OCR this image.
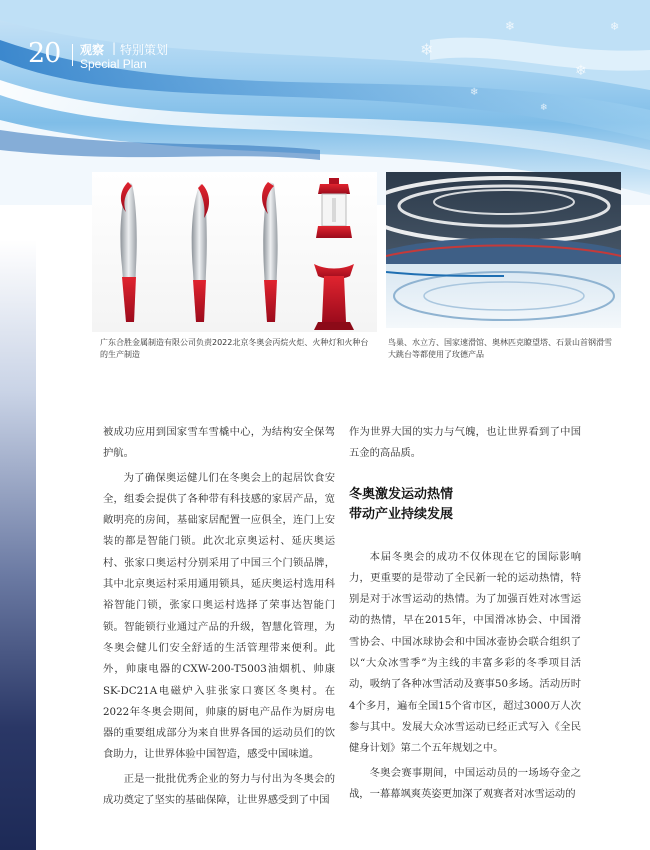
❄
❄
❄
❄
❄
❄
20 观察 | 特别策划
Special Plan
广东合胜金属制造有限公司负责2022北京冬奥会丙烷火炬、火种灯和火种台的生产制造
鸟巢、水立方、国家速滑馆、奥林匹克瞭望塔、石景山首钢滑雪大跳台等都使用了玫德产品

被成功应用到国家雪车雪橇中心，为结构安全保驾护航。

为了确保奥运健儿们在冬奥会上的起居饮食安全，组委会提供了各种带有科技感的家居产品，宽敞明亮的房间，基础家居配置一应俱全，连门上安装的都是智能门锁。此次北京奥运村、延庆奥运村、张家口奥运村分别采用了中国三个门锁品牌，其中北京奥运村采用通用锁具，延庆奥运村选用科裕智能门锁，张家口奥运村选择了荣事达智能门锁。智能锁行业通过产品的升级，智慧化管理，为冬奥会健儿们安全舒适的生活管理带来便利。此外，帅康电器的CXW-200-T5003油烟机、帅康SK-DC21A电磁炉入驻张家口赛区冬奥村。在2022年冬奥会期间，帅康的厨电产品作为厨房电器的重要组成部分为来自世界各国的运动员们的饮食助力，让世界体验中国智造，感受中国味道。

正是一批批优秀企业的努力与付出为冬奥会的成功奠定了坚实的基础保障，让世界感受到了中国

作为世界大国的实力与气魄，也让世界看到了中国五金的高品质。

冬奥激发运动热情
带动产业持续发展

本届冬奥会的成功不仅体现在它的国际影响力，更重要的是带动了全民新一轮的运动热情，特别是对于冰雪运动的热情。为了加强百姓对冰雪运动的热情，早在2015年，中国滑冰协会、中国滑雪协会、中国冰球协会和中国冰壶协会联合组织了以“大众冰雪季”为主线的丰富多彩的冬季项目活动，吸纳了各种冰雪活动及赛事50多场。活动历时4个多月，遍布全国15个省市区，超过3000万人次参与其中。发展大众冰雪运动已经正式写入《全民健身计划》第二个五年规划之中。

冬奥会赛事期间，中国运动员的一场场夺金之战，一幕幕飒爽英姿更加深了观赛者对冰雪运动的
